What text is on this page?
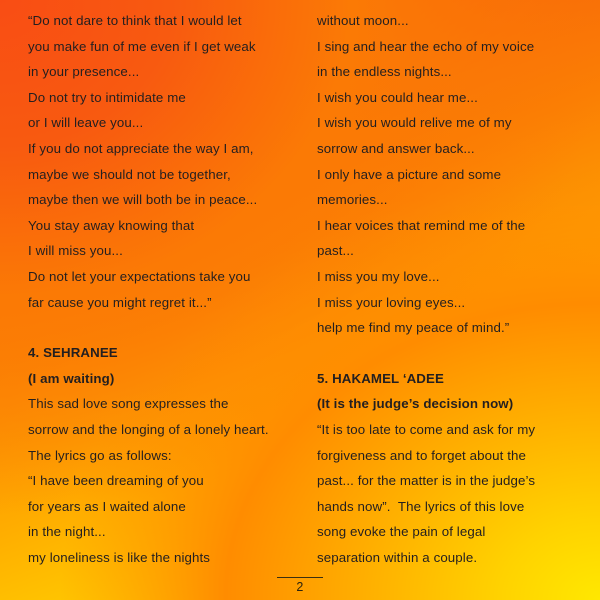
“Do not dare to think that I would let
you make fun of me even if I get weak
in your presence...
Do not try to intimidate me
or I will leave you...
If you do not appreciate the way I am,
maybe we should not be together,
maybe then we will both be in peace...
You stay away knowing that
I will miss you...
Do not let your expectations take you
far cause you might regret it...”
4. SEHRANEE
(I am waiting)
This sad love song expresses the
sorrow and the longing of a lonely heart.
The lyrics go as follows:
“I have been dreaming of you
for years as I waited alone
in the night...
my loneliness is like the nights
without moon...
I sing and hear the echo of my voice
in the endless nights...
I wish you could hear me...
I wish you would relive me of my
sorrow and answer back...
I only have a picture and some
memories...
I hear voices that remind me of the
past...
I miss you my love...
I miss your loving eyes...
help me find my peace of mind.”
5. HAKAMEL ‘ADEE
(It is the judge’s decision now)
“It is too late to come and ask for my
forgiveness and to forget about the
past... for the matter is in the judge’s
hands now”.  The lyrics of this love
song evoke the pain of legal
separation within a couple.
2
